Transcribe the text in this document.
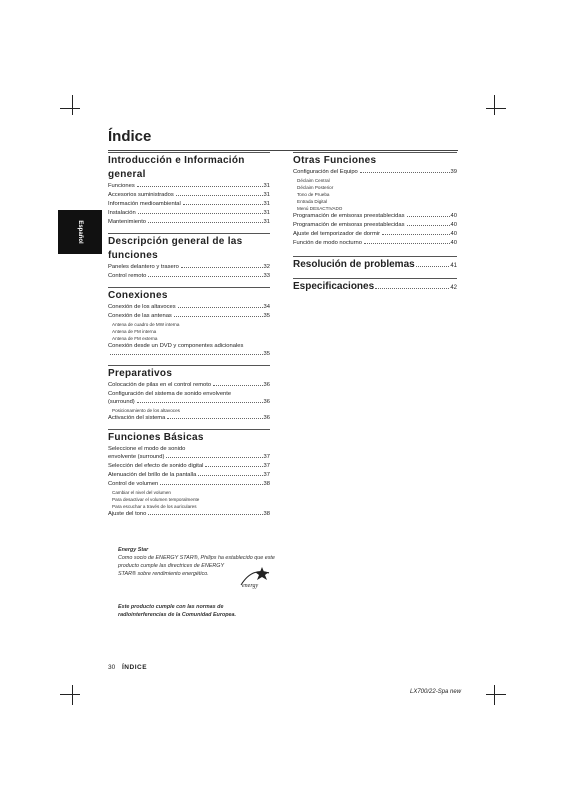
Índice
Español
Introducción e Información general
Funciones	31
Accesorios suministrados	31
Información medioambiental	31
Instalación	31
Mantenimiento	31
Descripción general de las funciones
Paneles delantero y trasero	32
Control remoto	33
Conexiones
Conexión de los altavoces	34
Conexión de las antenas	35
Antena de cuadro de MW interna
Antena de FM interna
Antena de FM externa
Conexión desde un DVD y componentes adicionales
35
Preparativos
Colocación de pilas en el control remoto	36
Configuración del sistema de sonido envolvente
(surround)	36
Posicionamiento de los altavoces
Activación del sistema	36
Funciones Básicas
Seleccione el modo de sonido
envolvente (surround)	37
Selección del efecto de sonido digital	37
Atenuación del brillo de la pantalla	37
Control de volumen	38
Cambiar el nivel del volumen
Para desactivar el volumen temporalmente
Para escuchar a través de los auriculares
Ajuste del tono	38
Otras Funciones
Configuración del Equipo	39
Déclaim Central
Déclaim Posterior
Tono de Prueba
Entrada Digital
Menú DESACTIVADO
Programación de emisoras preestablecidas	40
Programación de emisoras preestablecidas	40
Ajuste del temporizador de dormir	40
Función de modo nocturno	40
Resolución de problemas	41
Especificaciones	42
Energy Star
Como socio de ENERGY STAR®, Philips ha establecido que este
producto cumple las directrices de ENERGY
STAR® sobre rendimiento energético.
energy
Este producto cumple con las normas de
radiointerferencias de la Comunidad Europea.
30 ÍNDICE
LX700/22-Spa new
